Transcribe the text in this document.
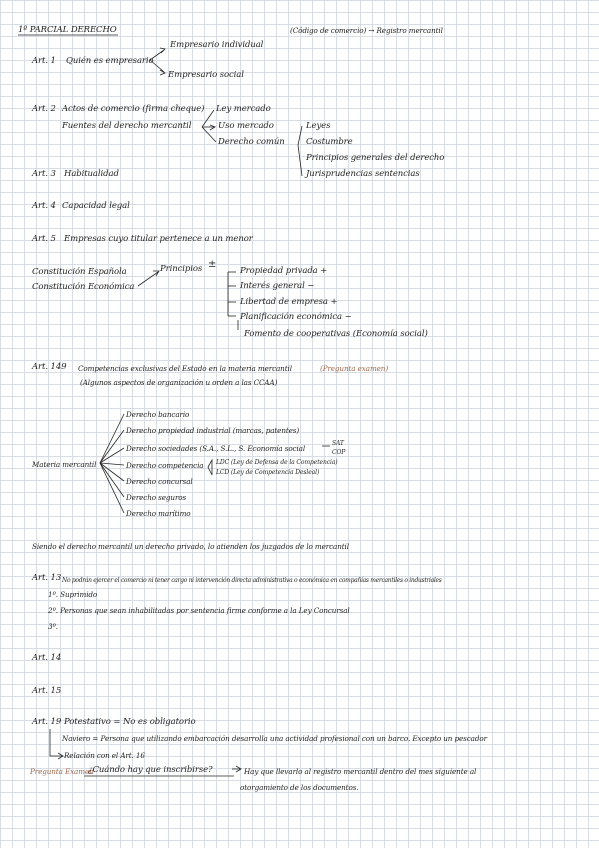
1º PARCIAL DERECHO	(Código de comercio) → Registro mercantil
Art. 1 Quién es empresario
Empresario individual
Empresario social
Art. 2 Actos de comercio (firma cheque)
Fuentes del derecho mercantil
Ley mercado
Uso mercado
Derecho común
Leyes
Costumbre
Principios generales del derecho
Jurisprudencias sentencias
Art. 3 Habitualidad
Art. 4 Capacidad legal
Art. 5 Empresas cuyo titular pertenece a un menor
Constitución Española
Constitución Económica
Principios ±
Propiedad privada +
Interés general −
Libertad de empresa +
Planificación económica −
Fomento de cooperativas (Economía social)
Art. 149 Competencias exclusivas del Estado en la materia mercantil	(Pregunta examen)
(Algunos aspectos de organización u orden a las CCAA)
Materia mercantil
Derecho bancario
Derecho propiedad industrial (marcas, patentes)
Derecho sociedades (S.A., S.L., S. Economía social
SAT
COP
Derecho competencia LDC (Ley de Defensa de la Competencia)
LCD (Ley de Competencia Desleal)
Derecho concursal
Derecho seguros
Derecho marítimo
Siendo el derecho mercantil un derecho privado, lo atienden los juzgados de lo mercantil
Art. 13 No podrán ejercer el comercio ni tener cargo ni intervención directa administrativa o económica en compañías mercantiles o industriales
1º. Suprimido
2º. Personas que sean inhabilitadas por sentencia firme conforme a la Ley Concursal
3º.
Art. 14
Art. 15
Art. 19 Potestativo = No es obligatorio
Naviero = Persona que utilizando embarcación desarrolla una actividad profesional con un barco. Excepto un pescador
Relación con el Art. 16
Pregunta Examen
¿Cuándo hay que inscribirse?	Hay que llevarlo al registro mercantil dentro del mes siguiente al
otorgamiento de los documentos.
